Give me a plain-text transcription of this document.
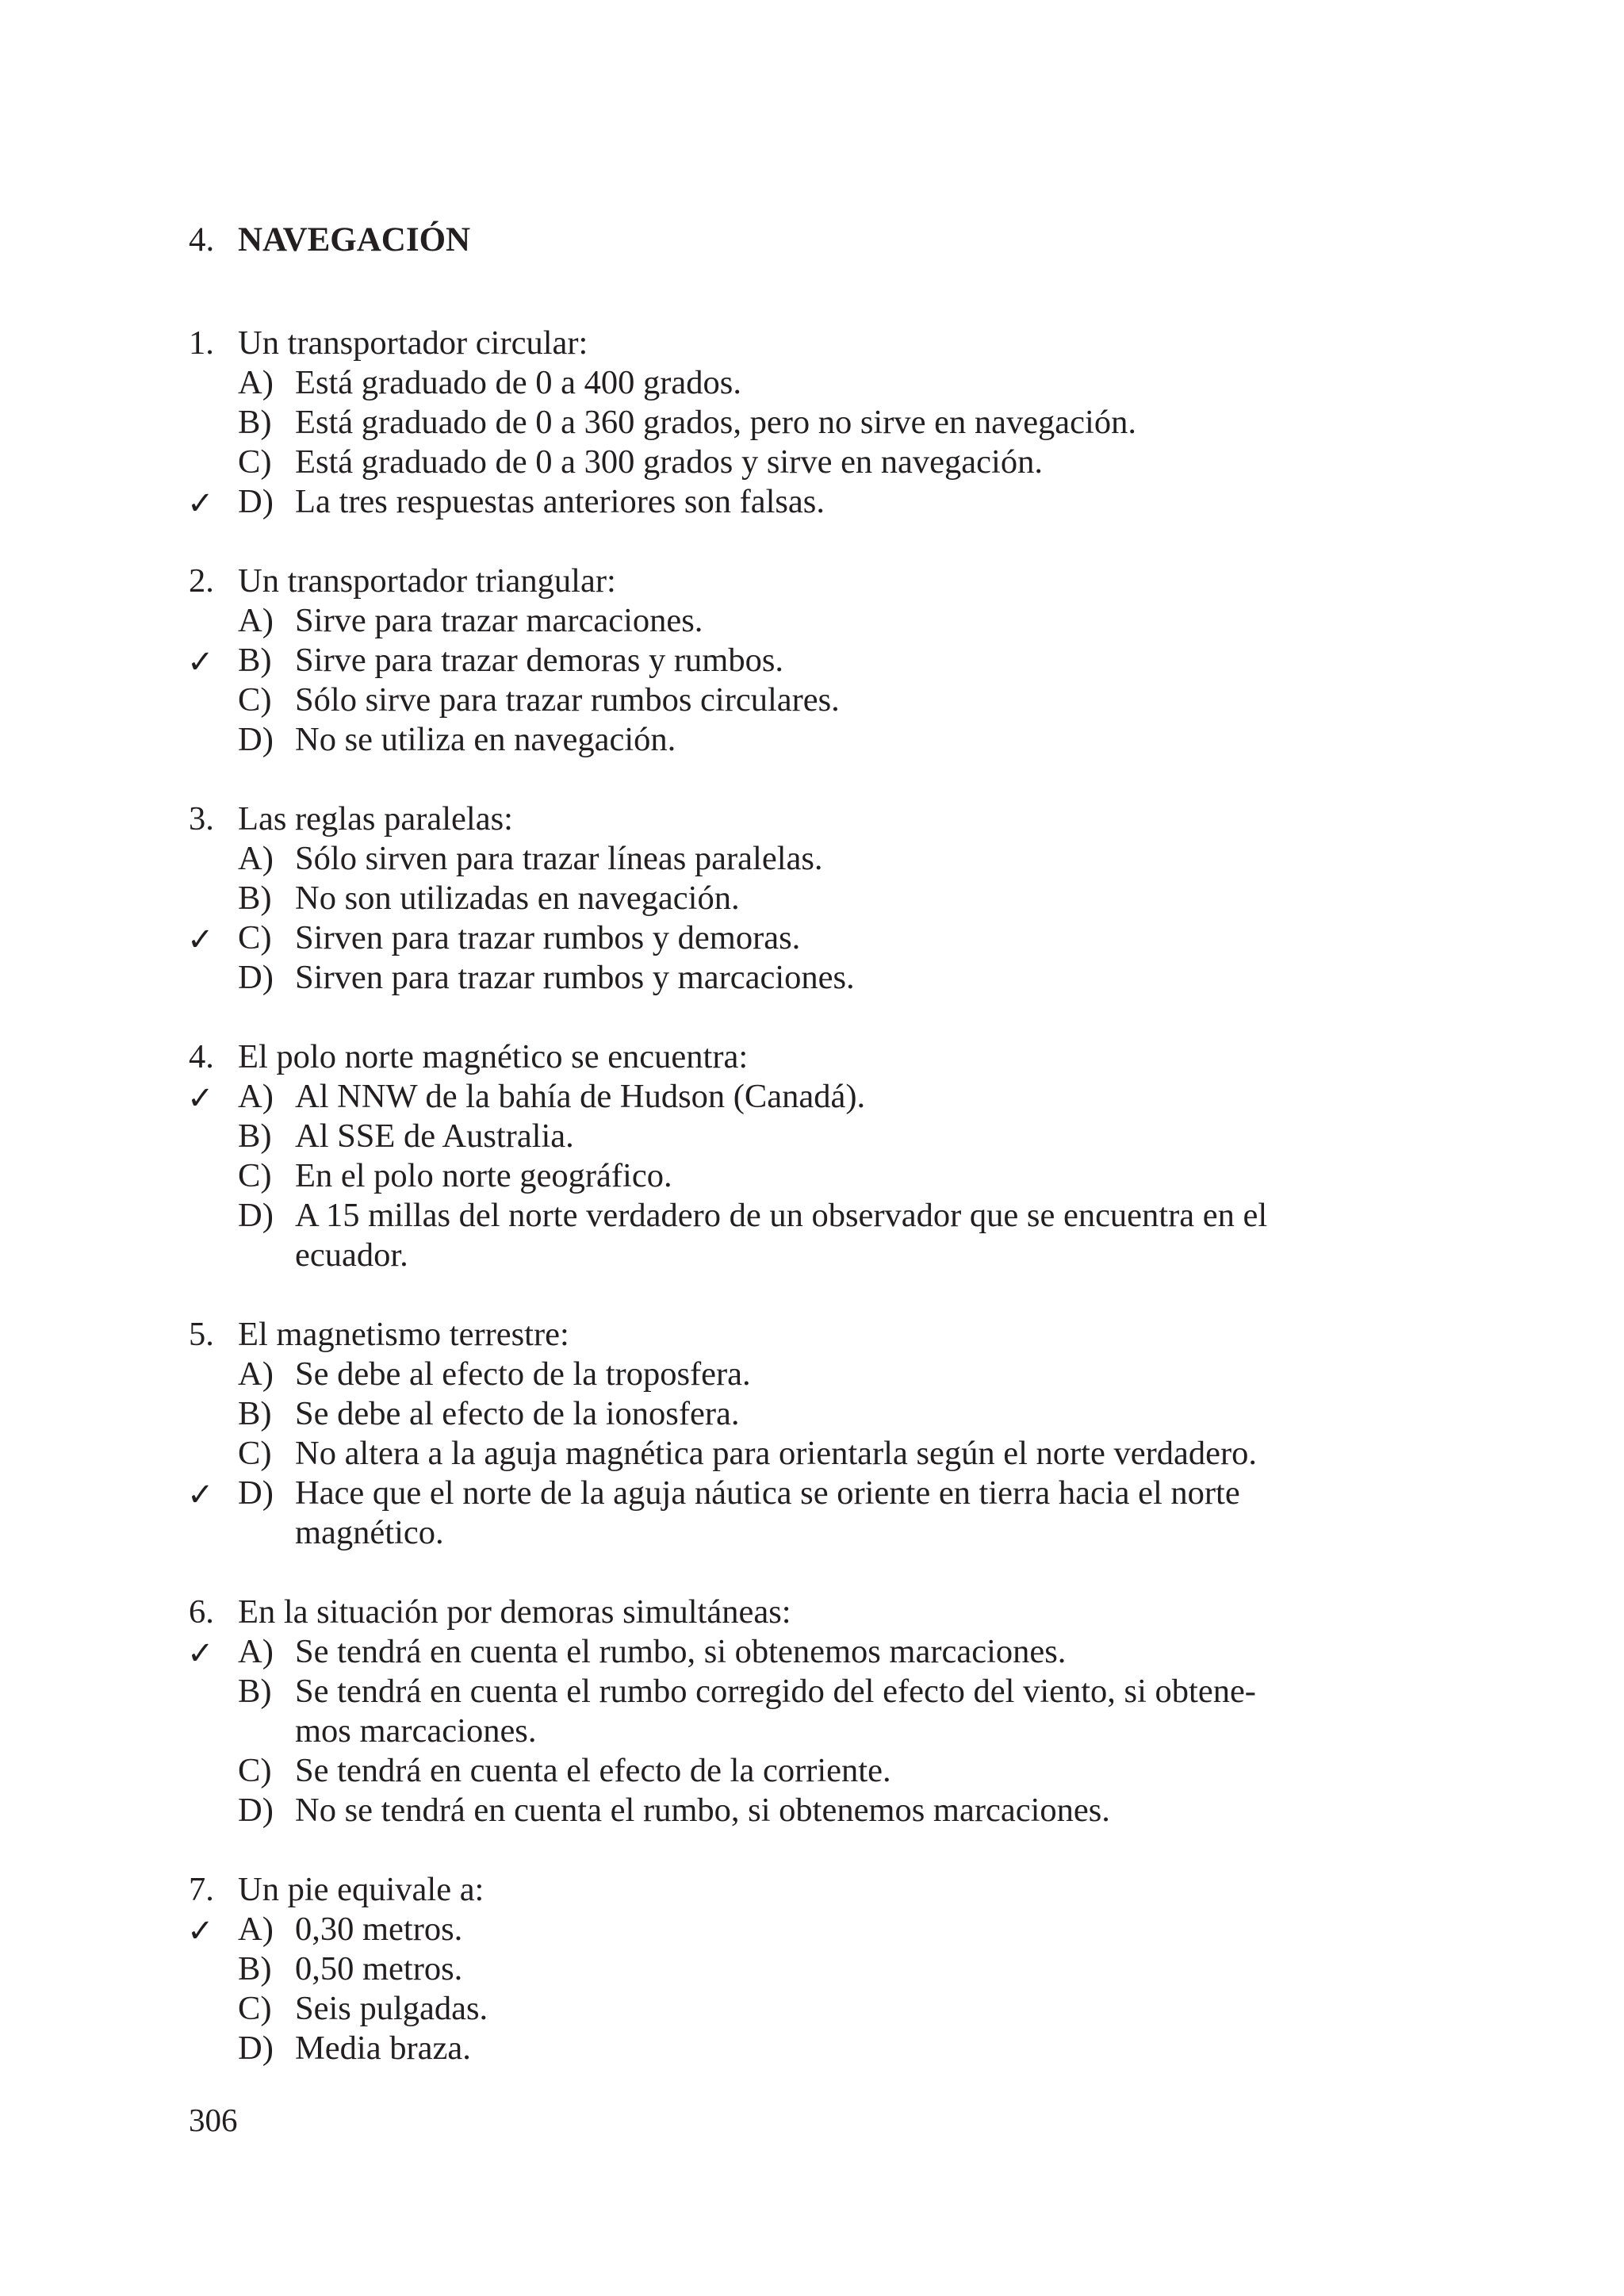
4. NAVEGACIÓN
1. Un transportador circular:
A) Está graduado de 0 a 400 grados.
B) Está graduado de 0 a 360 grados, pero no sirve en navegación.
C) Está graduado de 0 a 300 grados y sirve en navegación.
✓ D) La tres respuestas anteriores son falsas.
2. Un transportador triangular:
A) Sirve para trazar marcaciones.
✓ B) Sirve para trazar demoras y rumbos.
C) Sólo sirve para trazar rumbos circulares.
D) No se utiliza en navegación.
3. Las reglas paralelas:
A) Sólo sirven para trazar líneas paralelas.
B) No son utilizadas en navegación.
✓ C) Sirven para trazar rumbos y demoras.
D) Sirven para trazar rumbos y marcaciones.
4. El polo norte magnético se encuentra:
✓ A) Al NNW de la bahía de Hudson (Canadá).
B) Al SSE de Australia.
C) En el polo norte geográfico.
D) A 15 millas del norte verdadero de un observador que se encuentra en el
ecuador.
5. El magnetismo terrestre:
A) Se debe al efecto de la troposfera.
B) Se debe al efecto de la ionosfera.
C) No altera a la aguja magnética para orientarla según el norte verdadero.
✓ D) Hace que el norte de la aguja náutica se oriente en tierra hacia el norte
magnético.
6. En la situación por demoras simultáneas:
✓ A) Se tendrá en cuenta el rumbo, si obtenemos marcaciones.
B) Se tendrá en cuenta el rumbo corregido del efecto del viento, si obtene-
mos marcaciones.
C) Se tendrá en cuenta el efecto de la corriente.
D) No se tendrá en cuenta el rumbo, si obtenemos marcaciones.
7. Un pie equivale a:
✓ A) 0,30 metros.
B) 0,50 metros.
C) Seis pulgadas.
D) Media braza.
306
